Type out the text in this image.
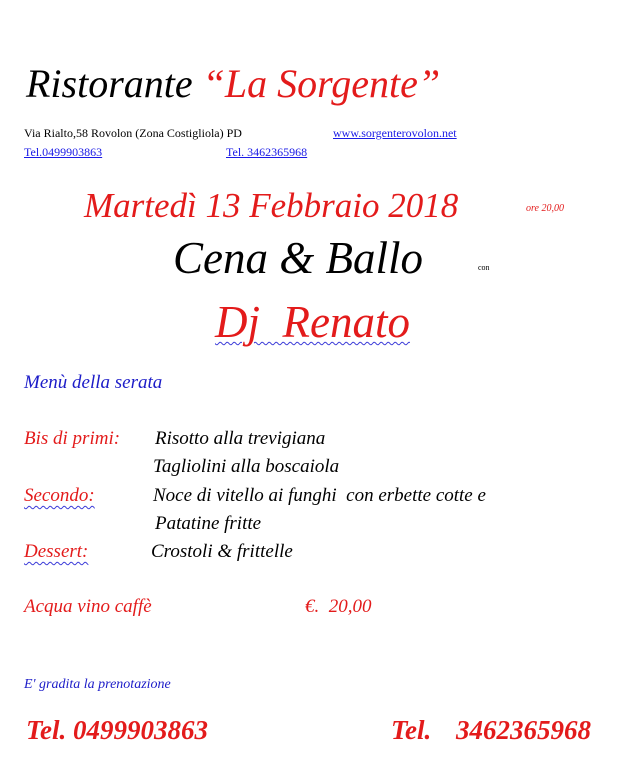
Ristorante “La Sorgente”
Via Rialto,58 Rovolon (Zona Costigliola) PD	www.sorgenterovolon.net
Tel.0499903863	Tel. 3462365968
Martedì 13 Febbraio 2018	ore 20,00
Cena & Ballo	con
Dj  Renato
Menù della serata
Bis di primi: Risotto alla trevigiana
Tagliolini alla boscaiola
Secondo:	Noce di vitello ai funghi  con erbette cotte e
Patatine fritte
Dessert:	Crostoli & frittelle
Acqua vino caffè	€.  20,00
E' gradita la prenotazione
Tel. 0499903863	Tel. 3462365968
